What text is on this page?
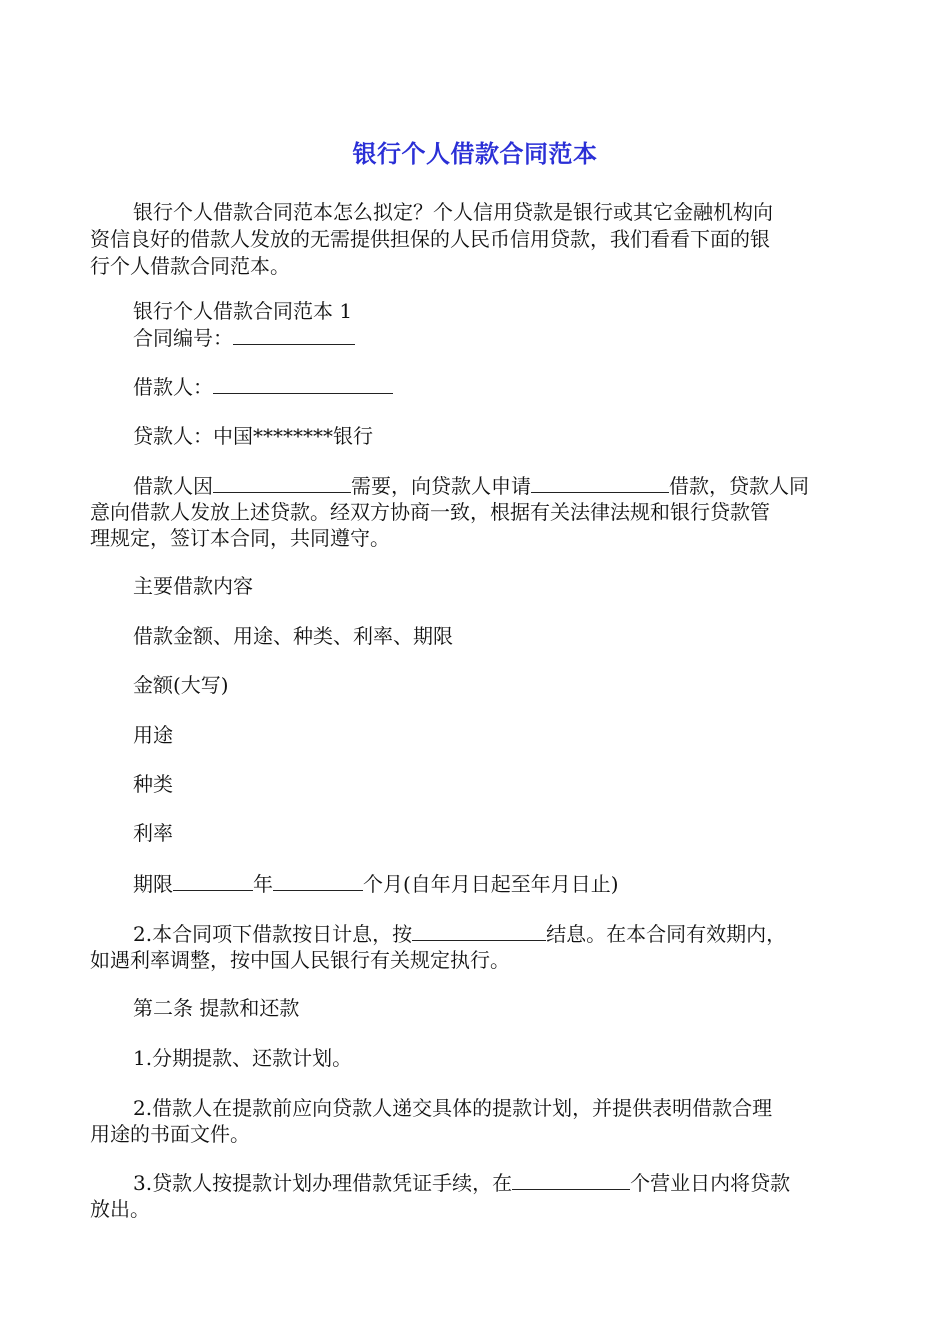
银行个人借款合同范本
银行个人借款合同范本怎么拟定？个人信用贷款是银行或其它金融机构向
资信良好的借款人发放的无需提供担保的人民币信用贷款，我们看看下面的银
行个人借款合同范本。
银行个人借款合同范本 1
合同编号：
借款人：
贷款人：中国********银行
借款人因	需要，向贷款人申请	借款，贷款人同
意向借款人发放上述贷款。经双方协商一致，根据有关法律法规和银行贷款管
理规定，签订本合同，共同遵守。
主要借款内容
借款金额、用途、种类、利率、期限
金额(大写)
用途
种类
利率
期限	年	个月(自年月日起至年月日止)
2.本合同项下借款按日计息，按	结息。在本合同有效期内，
如遇利率调整，按中国人民银行有关规定执行。
第二条 提款和还款
1.分期提款、还款计划。
2.借款人在提款前应向贷款人递交具体的提款计划，并提供表明借款合理
用途的书面文件。
3.贷款人按提款计划办理借款凭证手续，在	个营业日内将贷款
放出。
